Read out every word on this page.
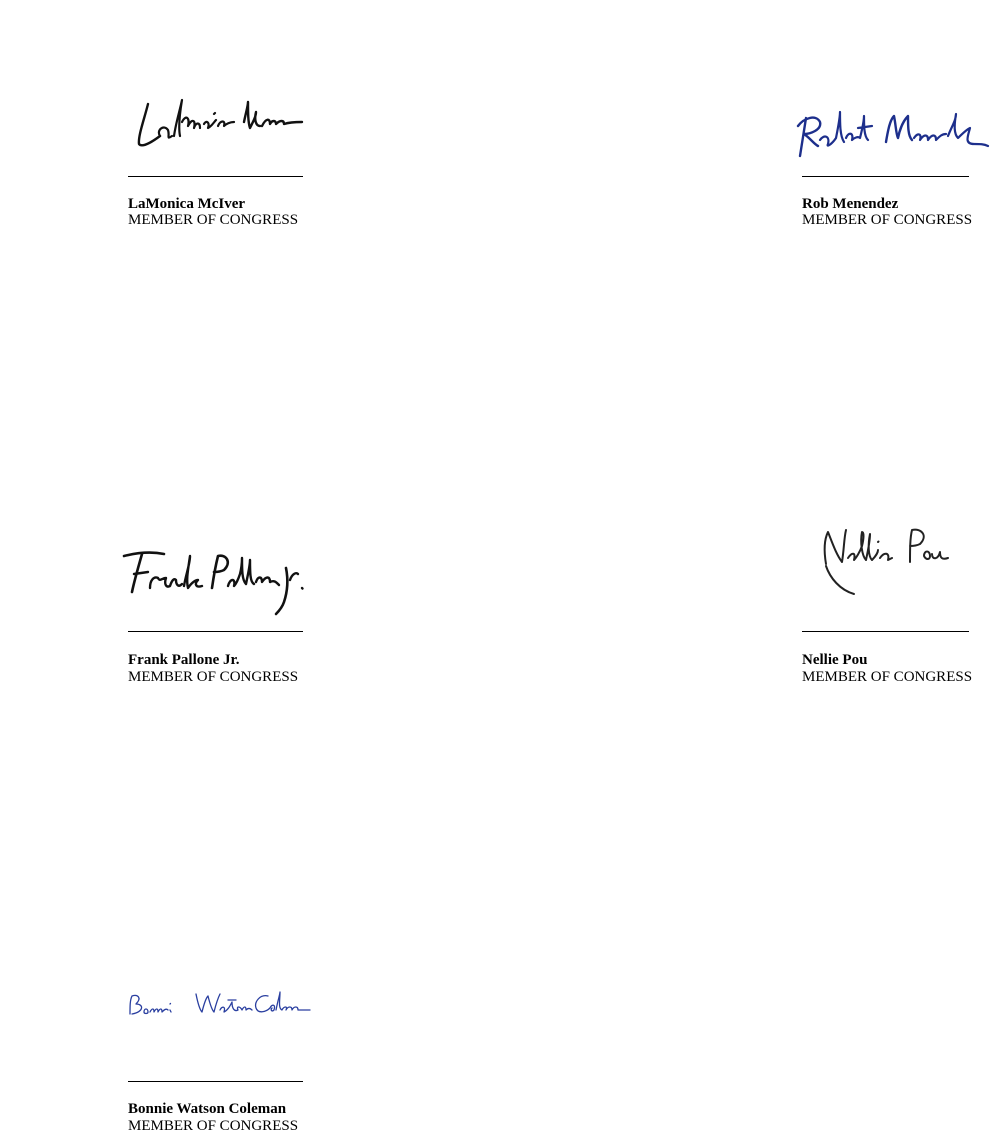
LaMonica McIver
MEMBER OF CONGRESS
Rob Menendez
MEMBER OF CONGRESS
Frank Pallone Jr.
MEMBER OF CONGRESS
Nellie Pou
MEMBER OF CONGRESS
Bonnie Watson Coleman
MEMBER OF CONGRESS
